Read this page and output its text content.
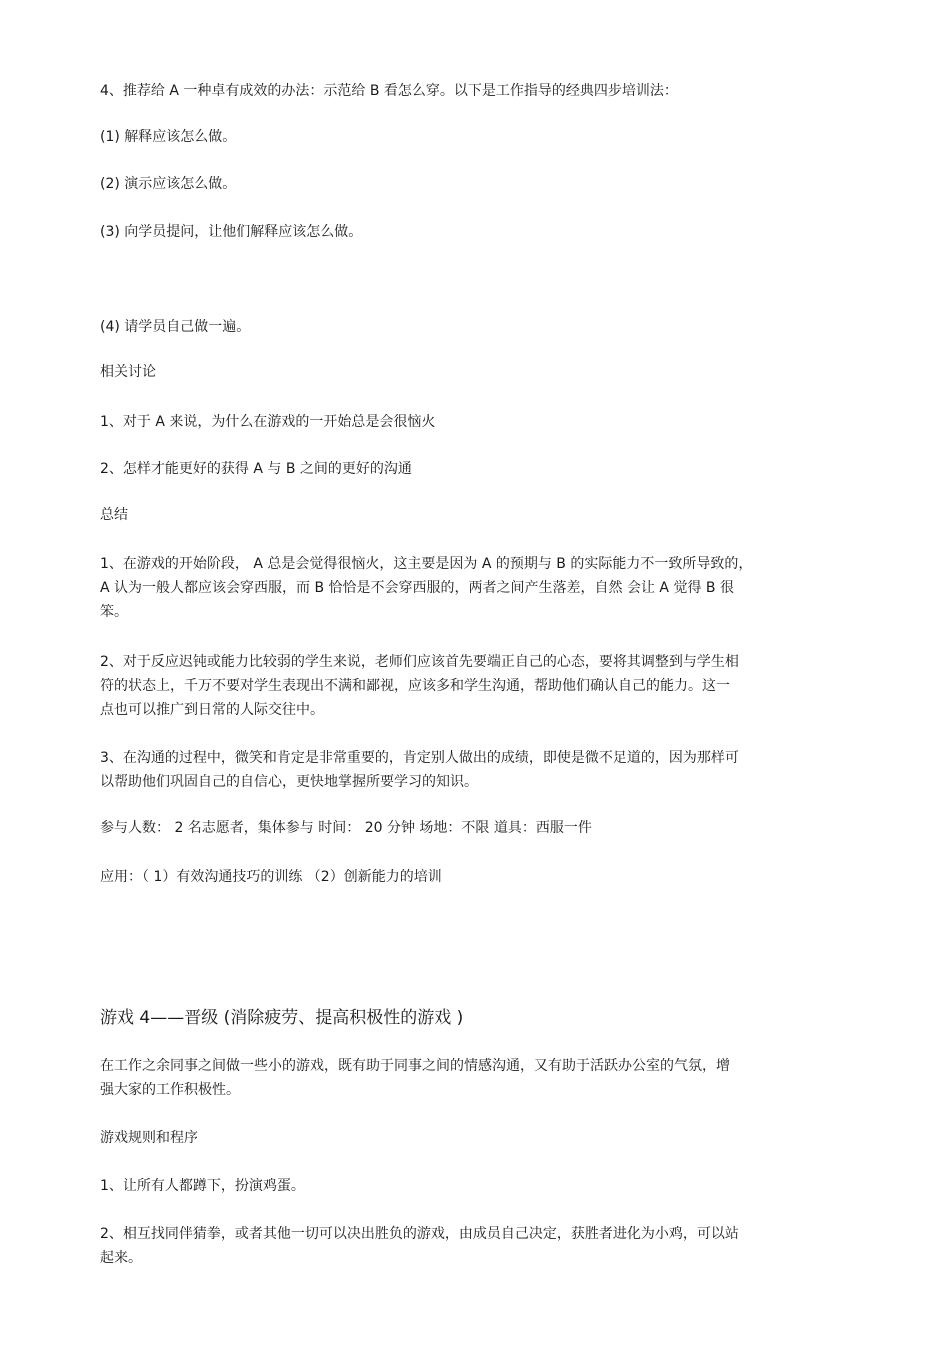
4、推荐给 A 一种卓有成效的办法：示范给 B 看怎么穿。以下是工作指导的经典四步培训法：

(1) 解释应该怎么做。

(2) 演示应该怎么做。

(3) 向学员提问，让他们解释应该怎么做。

(4) 请学员自己做一遍。

相关讨论

1、对于 A 来说，为什么在游戏的一开始总是会很恼火

2、怎样才能更好的获得 A 与 B 之间的更好的沟通

总结

1、在游戏的开始阶段， A 总是会觉得很恼火，这主要是因为 A 的预期与 B 的实际能力不一致所导致的，

A 认为一般人都应该会穿西服，而 B 恰恰是不会穿西服的，两者之间产生落差，自然 会让 A 觉得 B 很

笨。

2、对于反应迟钝或能力比较弱的学生来说，老师们应该首先要端正自己的心态，要将其调整到与学生相

符的状态上，千万不要对学生表现出不满和鄙视，应该多和学生沟通，帮助他们确认自己的能力。这一

点也可以推广到日常的人际交往中。

3、在沟通的过程中，微笑和肯定是非常重要的，肯定别人做出的成绩，即使是微不足道的，因为那样可

以帮助他们巩固自己的自信心，更快地掌握所要学习的知识。

参与人数： 2 名志愿者，集体参与 时间： 20 分钟 场地：不限 道具：西服一件

应用：（ 1）有效沟通技巧的训练 （2）创新能力的培训

游戏 4——晋级 (消除疲劳、提高积极性的游戏 )

在工作之余同事之间做一些小的游戏，既有助于同事之间的情感沟通，又有助于活跃办公室的气氛，增

强大家的工作积极性。

游戏规则和程序

1、让所有人都蹲下，扮演鸡蛋。

2、相互找同伴猜拳，或者其他一切可以决出胜负的游戏，由成员自己决定，获胜者进化为小鸡，可以站

起来。
